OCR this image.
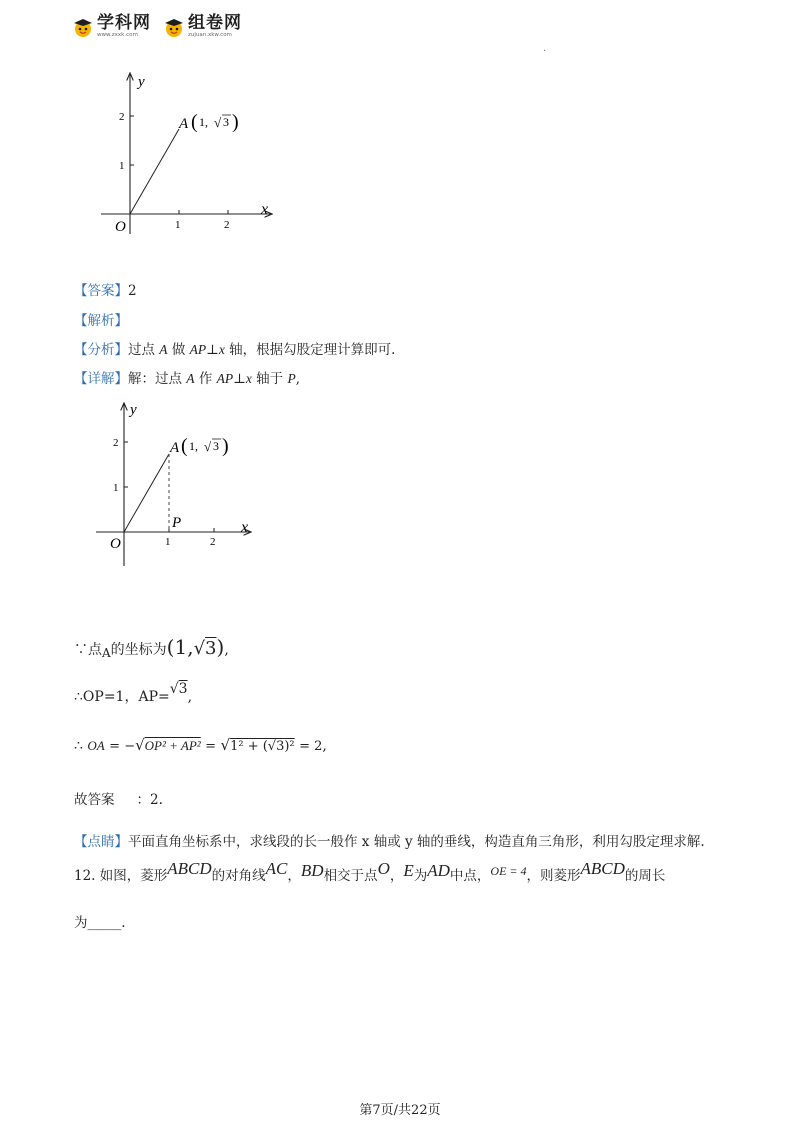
学科网
www.zxxk.com
组卷网
zujuan.xkw.com
·
y
x
O	1	2
1
2	A ( 1, √ 3 )
【答案】2
【解析】
【分析】过点 A 做 AP⊥x 轴，根据勾股定理计算即可.
【详解】解：过点 A 作 AP⊥x 轴于 P,
y
x
O
P
1	2
1
2	A ( 1, √ 3 )
∵点A的坐标为(1,√3),
∴OP=1，AP=√3,
∴ OA = −√OP² + AP² = √1² + (√3)² = 2,
故答案 ：2.
【点睛】平面直角坐标系中，求线段的长一般作 x 轴或 y 轴的垂线，构造直角三角形，利用勾股定理求解.
12. 如图，菱形ABCD的对角线AC，BD相交于点O，E为AD中点，OE = 4，则菱形ABCD的周长
为_____.
第7页/共22页
